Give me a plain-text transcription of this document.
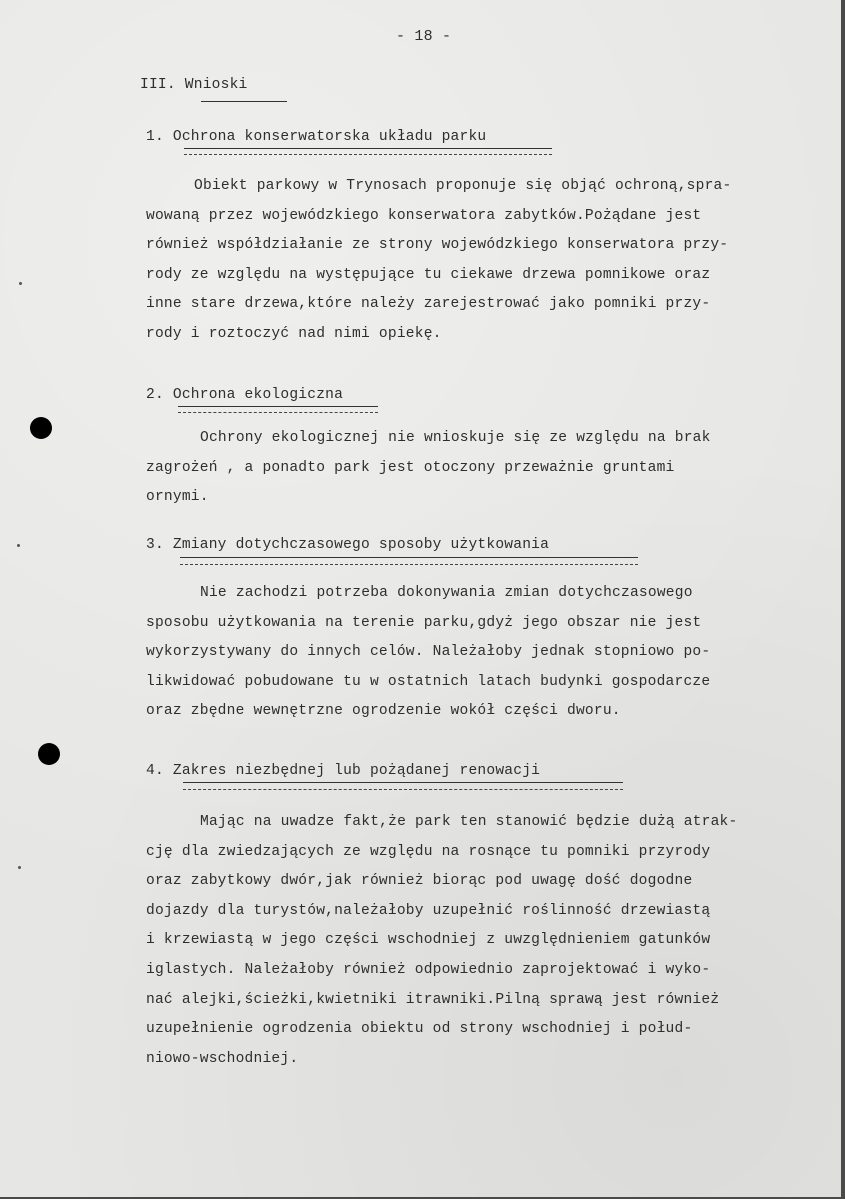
- 18 -
III. Wnioski
1. Ochrona konserwatorska układu parku
Obiekt parkowy w Trynosach proponuje się objąć ochroną,spra-
wowaną przez wojewódzkiego konserwatora zabytków.Pożądane jest
również współdziałanie ze strony wojewódzkiego konserwatora przy-
rody ze względu na występujące tu ciekawe drzewa pomnikowe oraz
inne stare drzewa,które należy zarejestrować jako pomniki przy-
rody i roztoczyć nad nimi opiekę.
2. Ochrona ekologiczna
Ochrony ekologicznej nie wnioskuje się ze względu na brak
zagrożeń , a ponadto park jest otoczony przeważnie gruntami
ornymi.
3. Zmiany dotychczasowego sposoby użytkowania
Nie zachodzi potrzeba dokonywania zmian dotychczasowego
sposobu użytkowania na terenie parku,gdyż jego obszar nie jest
wykorzystywany do innych celów. Należałoby jednak stopniowo po-
likwidować pobudowane tu w ostatnich latach budynki gospodarcze
oraz zbędne wewnętrzne ogrodzenie wokół części dworu.
4. Zakres niezbędnej lub pożądanej renowacji
Mając na uwadze fakt,że park ten stanowić będzie dużą atrak-
cję dla zwiedzających ze względu na rosnące tu pomniki przyrody
oraz zabytkowy dwór,jak również biorąc pod uwagę dość dogodne
dojazdy dla turystów,należałoby uzupełnić roślinność drzewiastą
i krzewiastą w jego części wschodniej z uwzględnieniem gatunków
iglastych. Należałoby również odpowiednio zaprojektować i wyko-
nać alejki,ścieżki,kwietniki itrawniki.Pilną sprawą jest również
uzupełnienie ogrodzenia obiektu od strony wschodniej i połud-
niowo-wschodniej.
